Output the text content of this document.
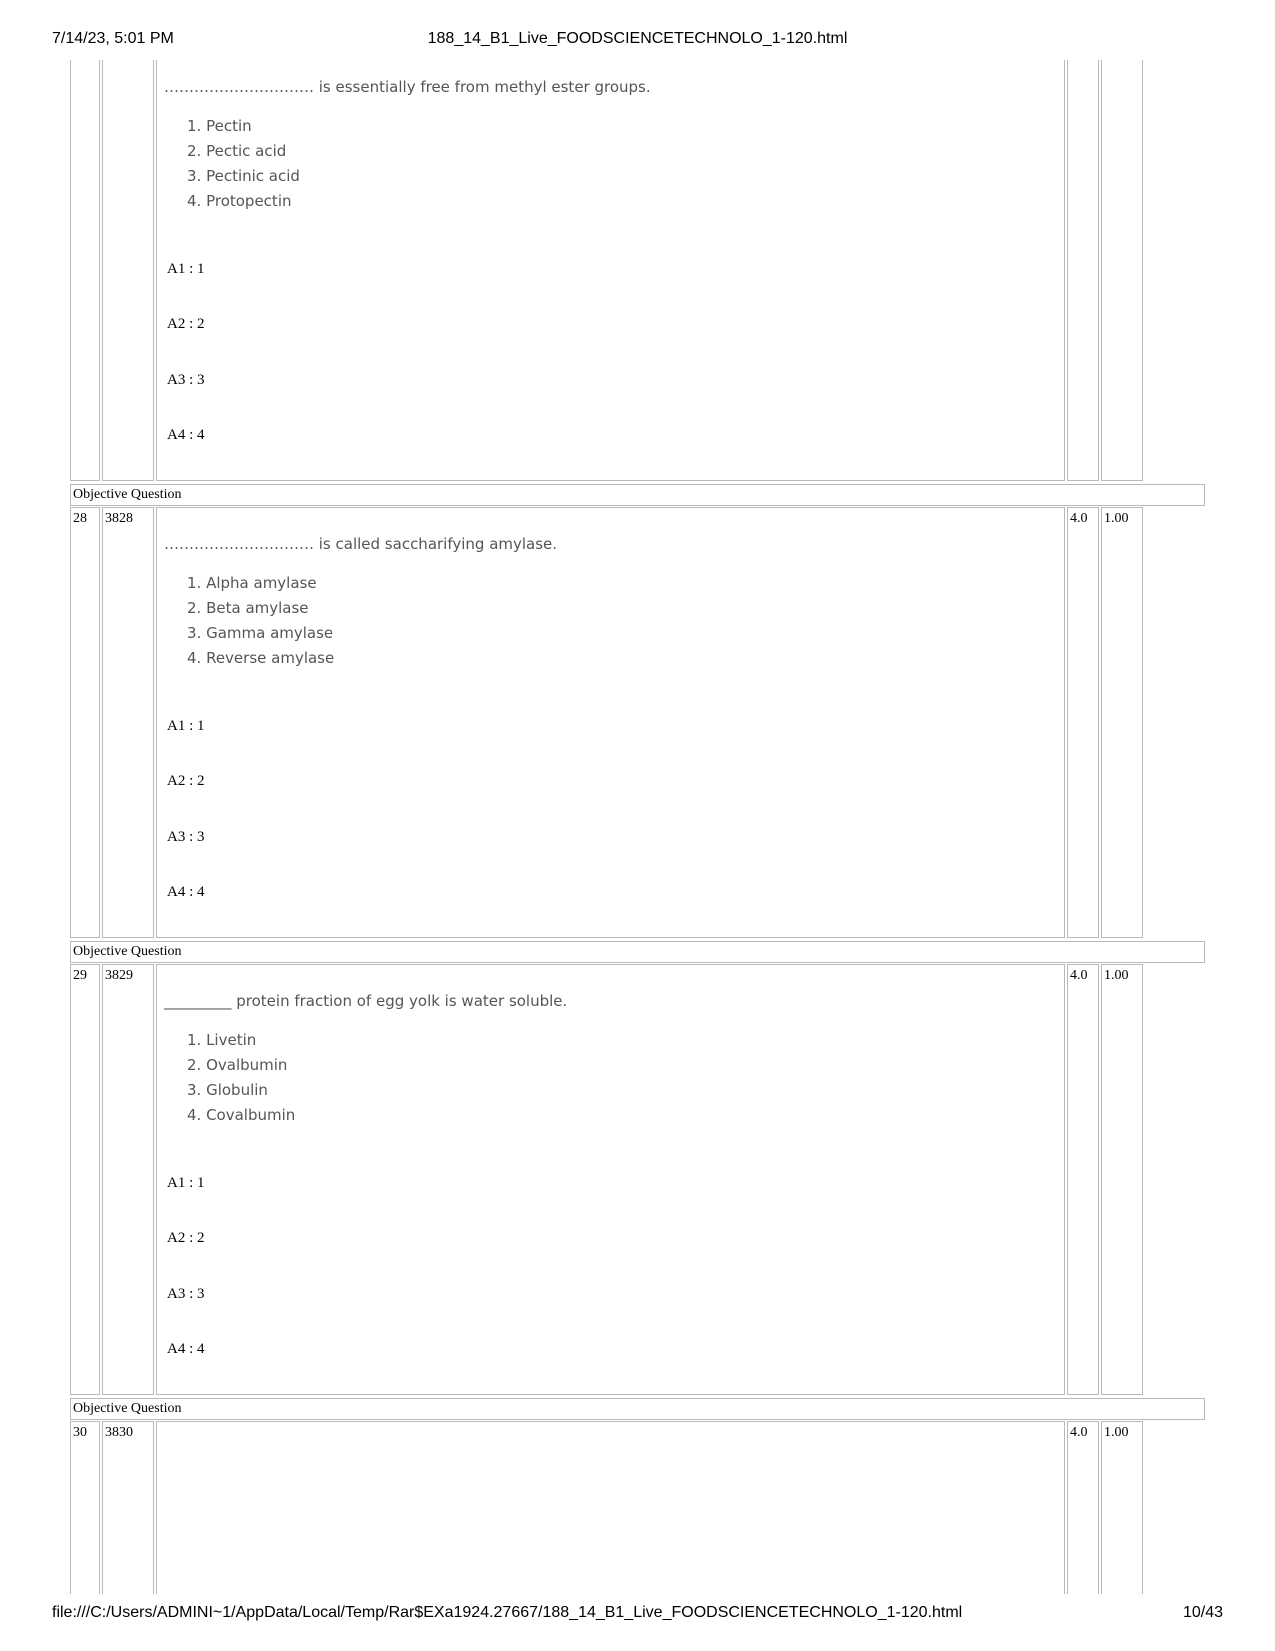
7/14/23, 5:01 PM	188_14_B1_Live_FOODSCIENCETECHNOLO_1-120.html
………………………… is essentially free from methyl ester groups.
1. Pectin
2. Pectic acid
3. Pectinic acid
4. Protopectin
A1 : 1
A2 : 2
A3 : 3
A4 : 4
Objective Question
28 3828
………………………… is called saccharifying amylase.
1. Alpha amylase
2. Beta amylase
3. Gamma amylase
4. Reverse amylase
A1 : 1
A2 : 2
A3 : 3
A4 : 4
4.0 1.00
Objective Question
29 3829
_________ protein fraction of egg yolk is water soluble.
1. Livetin
2. Ovalbumin
3. Globulin
4. Covalbumin
A1 : 1
A2 : 2
A3 : 3
A4 : 4
4.0 1.00
Objective Question
30 3830	4.0 1.00
file:///C:/Users/ADMINI~1/AppData/Local/Temp/Rar$EXa1924.27667/188_14_B1_Live_FOODSCIENCETECHNOLO_1-120.html	10/43
